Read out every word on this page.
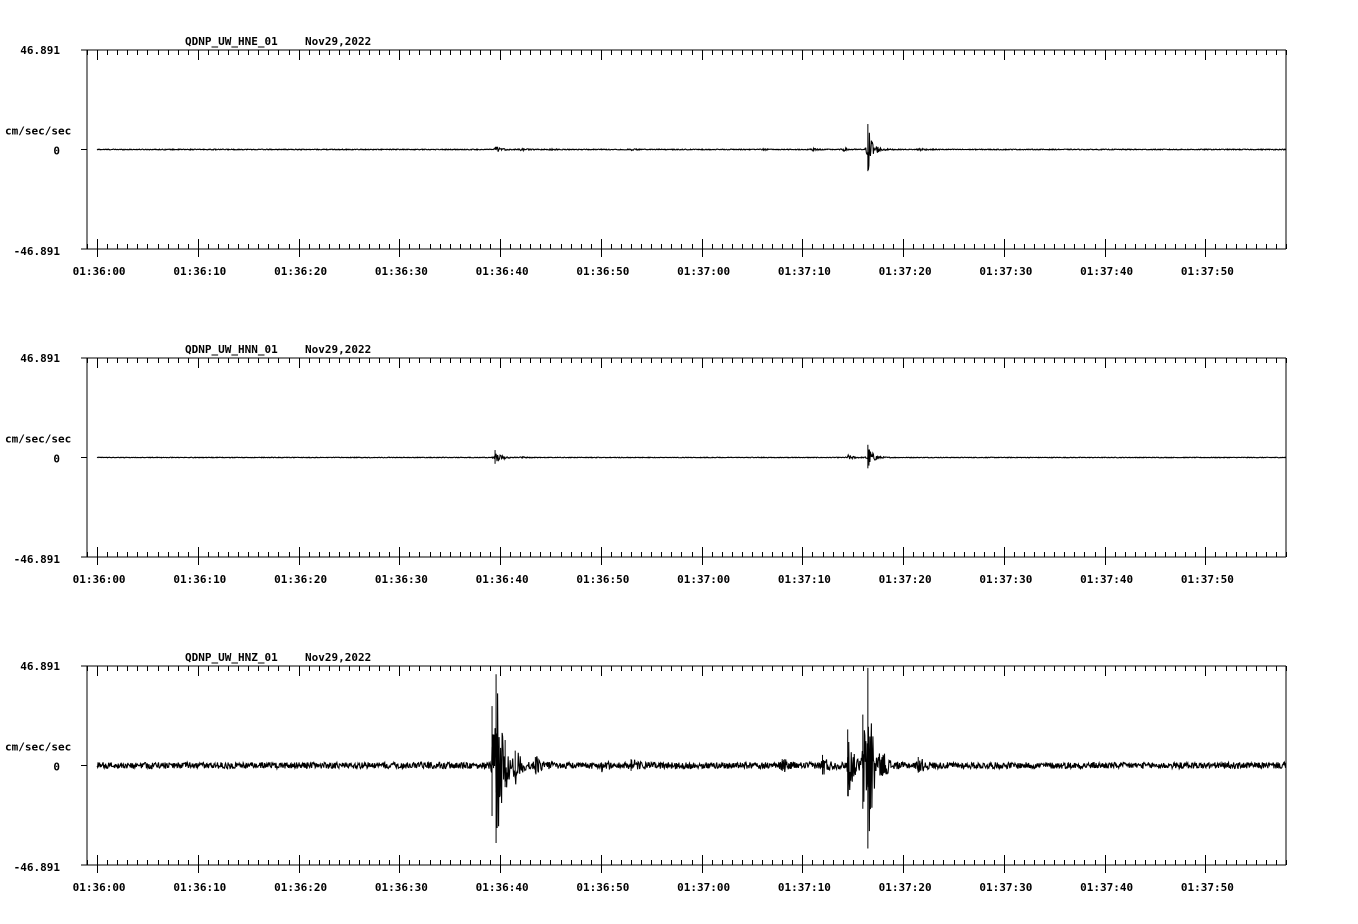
QDNP_UW_HNE_01 Nov29,2022
46.891
cm/sec/sec
0
-46.891
01:36:00	01:36:10	01:36:20	01:36:30	01:36:40	01:36:50	01:37:00	01:37:10	01:37:20	01:37:30	01:37:40	01:37:50
QDNP_UW_HNN_01 Nov29,2022
46.891
cm/sec/sec
0
-46.891
01:36:00	01:36:10	01:36:20	01:36:30	01:36:40	01:36:50	01:37:00	01:37:10	01:37:20	01:37:30	01:37:40	01:37:50
QDNP_UW_HNZ_01 Nov29,2022
46.891
cm/sec/sec
0
-46.891
01:36:00	01:36:10	01:36:20	01:36:30	01:36:40	01:36:50	01:37:00	01:37:10	01:37:20	01:37:30	01:37:40	01:37:50
